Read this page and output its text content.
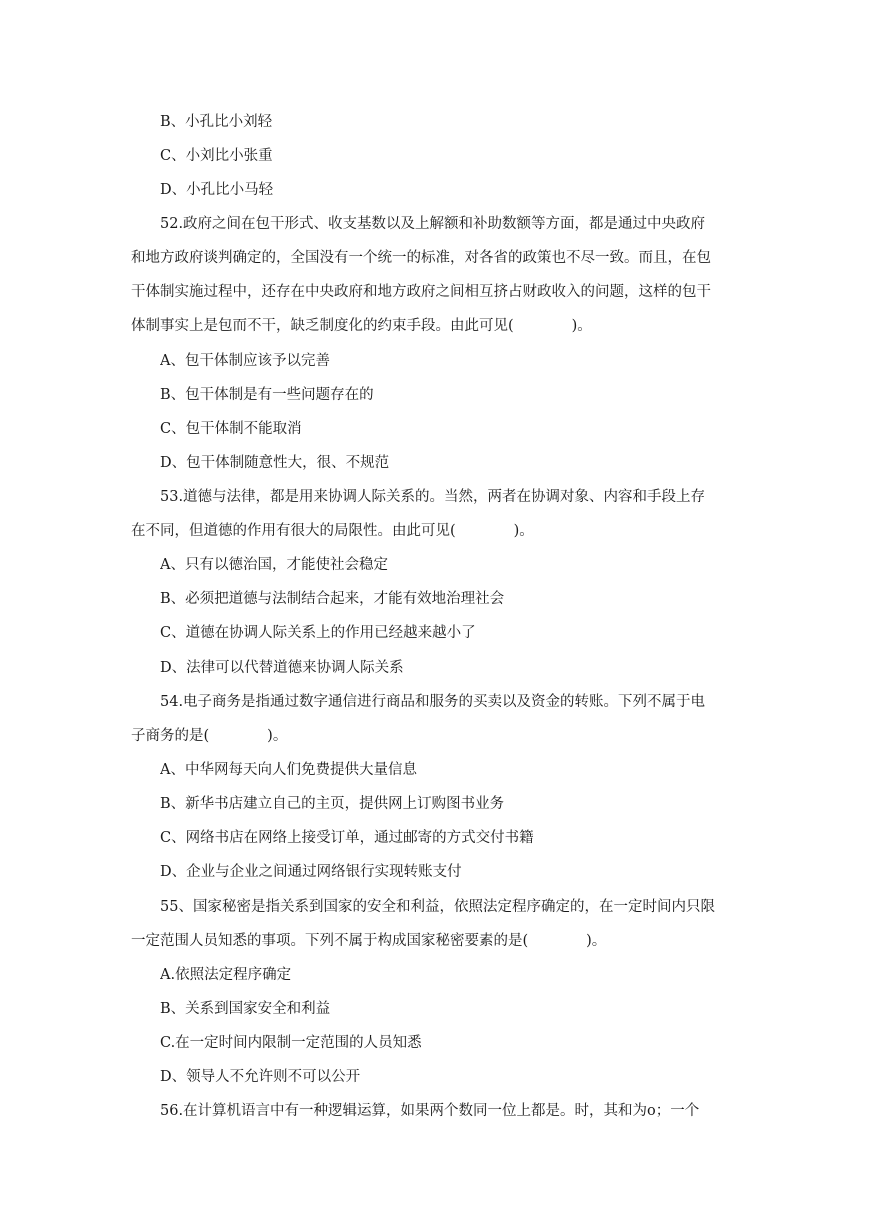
B、小孔比小刘轻
C、小刘比小张重
D、小孔比小马轻
52.政府之间在包干形式、收支基数以及上解额和补助数额等方面，都是通过中央政府
和地方政府谈判确定的，全国没有一个统一的标准，对各省的政策也不尽一致。而且，在包
干体制实施过程中，还存在中央政府和地方政府之间相互挤占财政收入的问题，这样的包干
体制事实上是包而不干，缺乏制度化的约束手段。由此可见(　　　　)。
A、包干体制应该予以完善
B、包干体制是有一些问题存在的
C、包干体制不能取消
D、包干体制随意性大，很、不规范
53.道德与法律，都是用来协调人际关系的。当然，两者在协调对象、内容和手段上存
在不同，但道德的作用有很大的局限性。由此可见(　　　　)。
A、只有以德治国，才能使社会稳定
B、必须把道德与法制结合起来，才能有效地治理社会
C、道德在协调人际关系上的作用已经越来越小了
D、法律可以代替道德来协调人际关系
54.电子商务是指通过数字通信进行商品和服务的买卖以及资金的转账。下列不属于电
子商务的是(　　　　)。
A、中华网每天向人们免费提供大量信息
B、新华书店建立自己的主页，提供网上订购图书业务
C、网络书店在网络上接受订单，通过邮寄的方式交付书籍
D、企业与企业之间通过网络银行实现转账支付
55、国家秘密是指关系到国家的安全和利益，依照法定程序确定的，在一定时间内只限
一定范围人员知悉的事项。下列不属于构成国家秘密要素的是(　　　　)。
A.依照法定程序确定
B、关系到国家安全和利益
C.在一定时间内限制一定范围的人员知悉
D、领导人不允许则不可以公开
56.在计算机语言中有一种逻辑运算，如果两个数同一位上都是。时，其和为o；一个
